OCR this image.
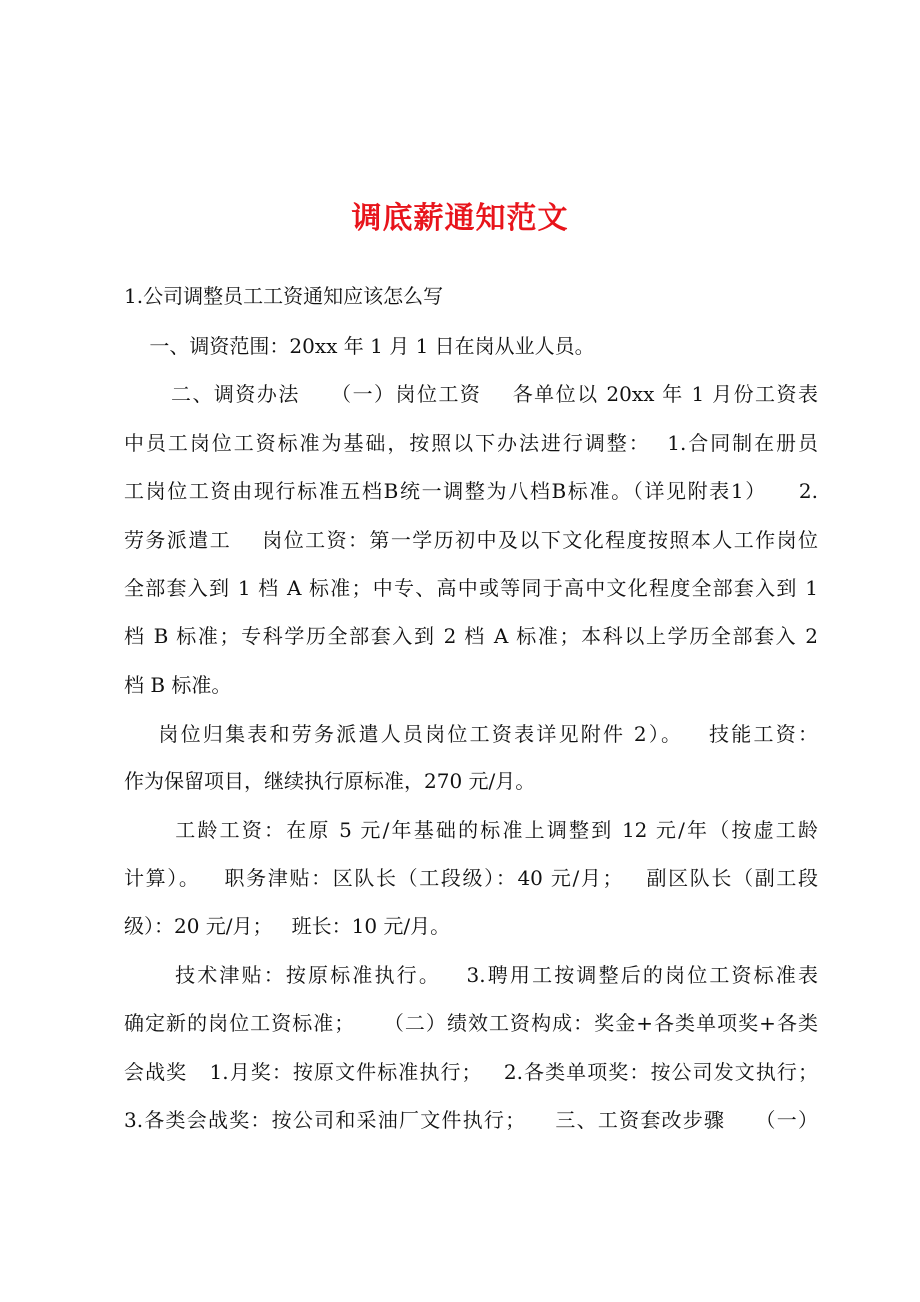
调底薪通知范文
1.公司调整员工工资通知应该怎么写
一、调资范围：20xx 年 1 月 1 日在岗从业人员。
二、调资办法    （一）岗位工资    各单位以 20xx 年 1 月份工资表
中员工岗位工资标准为基础，按照以下办法进行调整：  1.合同制在册员
工岗位工资由现行标准五档B统一调整为八档B标准。（详见附表1）    2.
劳务派遣工    岗位工资：第一学历初中及以下文化程度按照本人工作岗位
全部套入到 1 档 A 标准；中专、高中或等同于高中文化程度全部套入到 1
档 B 标准；专科学历全部套入到 2 档 A 标准；本科以上学历全部套入 2
档 B 标准。
岗位归集表和劳务派遣人员岗位工资表详见附件 2）。   技能工资：
作为保留项目，继续执行原标准，270 元/月。
工龄工资：在原 5 元/年基础的标准上调整到 12 元/年（按虚工龄
计算）。   职务津贴：区队长（工段级）：40 元/月；   副区队长（副工段
级）：20 元/月；   班长：10 元/月。
技术津贴：按原标准执行。   3.聘用工按调整后的岗位工资标准表
确定新的岗位工资标准；    （二）绩效工资构成：奖金+各类单项奖+各类
会战奖   1.月奖：按原文件标准执行；   2.各类单项奖：按公司发文执行；
3.各类会战奖：按公司和采油厂文件执行；    三、工资套改步骤    （一）
